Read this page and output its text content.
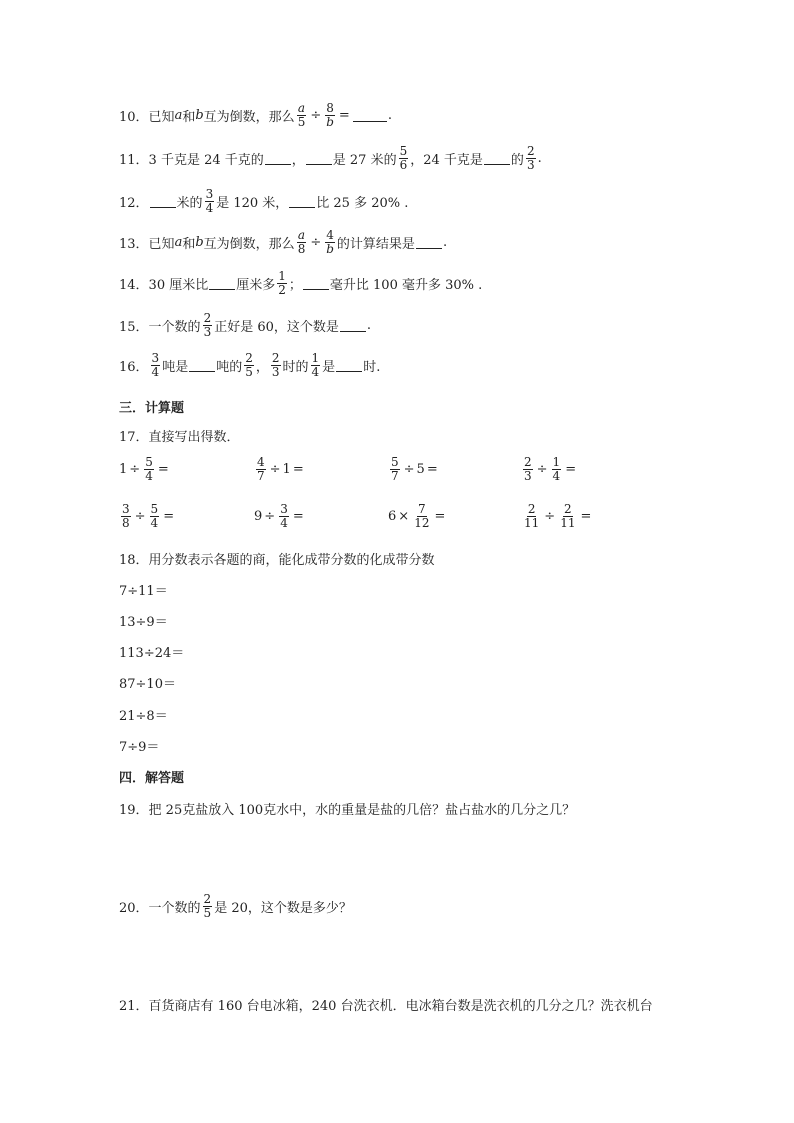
10． 已知 a 和 b 互为倒数，那么 $\frac{a}{5} \div \frac{8}{b}$ =	.
11． 3 千克是 24 千克的 ， 是 27 米的 $\frac{5}{6}$ ，24 千克是 的 $\frac{2}{3}$ .
12． 米的 $\frac{3}{4}$ 是 120 米， 比 25 多 20% .
13． 已知 a 和 b 互为倒数，那么 $\frac{a}{8} \div \frac{4}{b}$ 的计算结果是 .
14． 30 厘米比 厘米多 $\frac{1}{2}$ ； 毫升比 100 毫升多 30% .
15． 一个数的 $\frac{2}{3}$ 正好是 60，这个数是 .
16． $\frac{3}{4}$ 吨是 吨的 $\frac{2}{5}$ ， $\frac{2}{3}$ 时的 $\frac{1}{4}$ 是 时.
三．计算题
17．直接写出得数．
$1 \div \frac{5}{4}$ =	$\frac{4}{7} \div 1$ =	$\frac{5}{7} \div 5$ =	$\frac{2}{3} \div \frac{1}{4}$ =
$\frac{3}{8} \div \frac{5}{4}$ =	$9 \div \frac{3}{4}$ =	$6 \times \frac{7}{12}$ =	$\frac{2}{11} \div \frac{2}{11}$ =
18．用分数表示各题的商，能化成带分数的化成带分数
7÷11＝
13÷9＝
113÷24＝
87÷10＝
21÷8＝
7÷9＝
四．解答题
19．把 25克盐放入 100克水中，水的重量是盐的几倍？盐占盐水的几分之几？
20．一个数的 $\frac{2}{5}$ 是 20，这个数是多少？
21．百货商店有 160 台电冰箱，240 台洗衣机．电冰箱台数是洗衣机的几分之几？洗衣机台
